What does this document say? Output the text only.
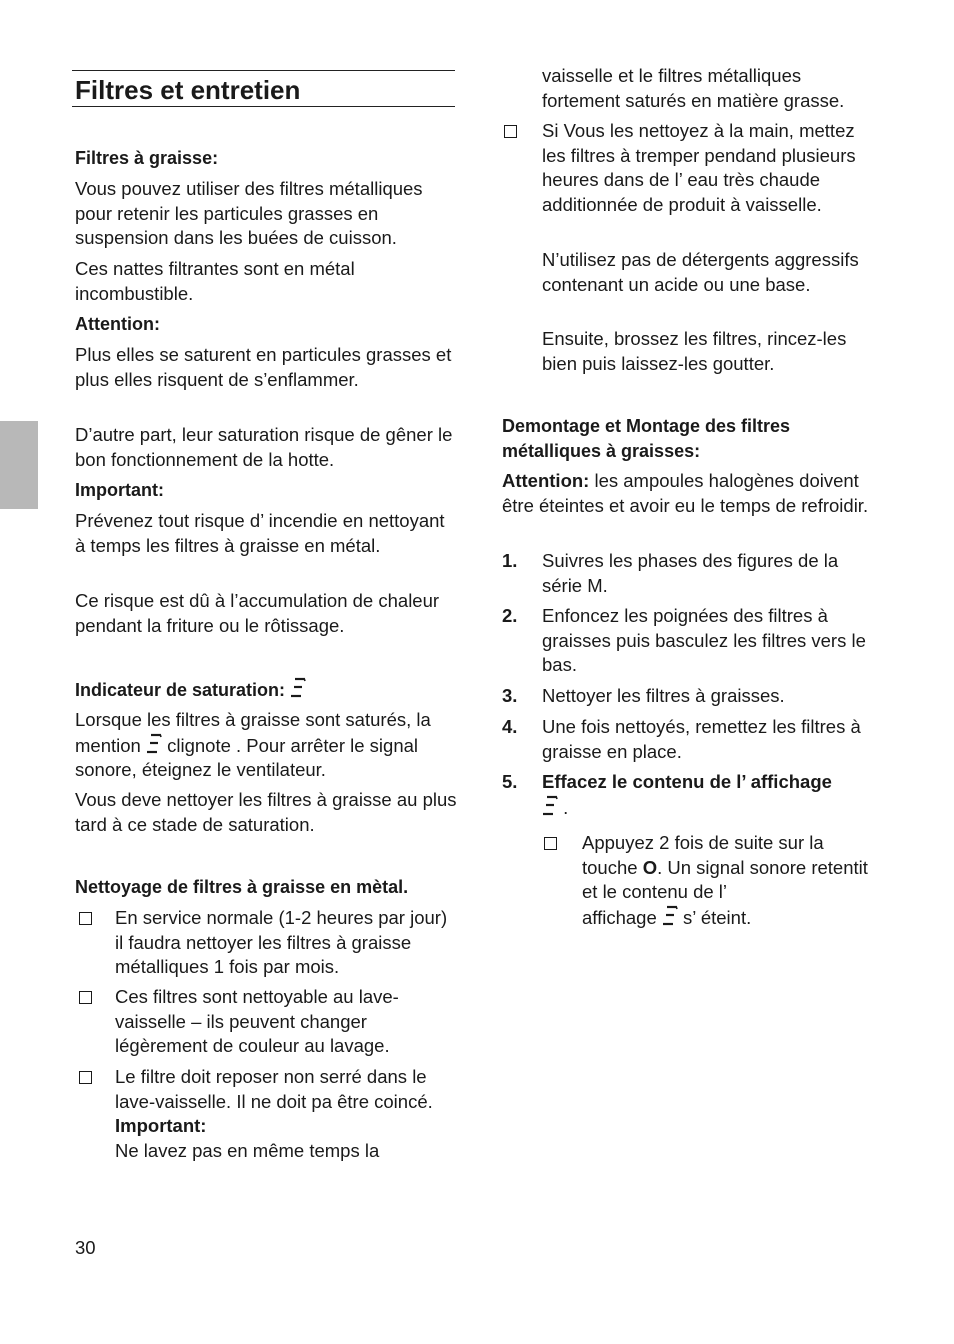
Filtres et entretien

Filtres à graisse:

Vous pouvez utiliser des filtres métalliques pour retenir les particules grasses en suspension dans les buées de cuisson.

Ces nattes filtrantes sont en métal incombustible.

Attention:

Plus elles se saturent en particules grasses et plus elles risquent de s’enflammer.

D’autre part, leur saturation risque de gêner le bon fonctionnement de la hotte.

Important:

Prévenez tout risque d’ incendie en nettoyant à temps les filtres à graisse en métal.

Ce risque est dû à l’accumulation de chaleur pendant la friture ou le rôtissage.

Indicateur de saturation:

Lorsque les filtres à graisse sont saturés, la mention clignote . Pour arrêter le signal sonore, éteignez le ventilateur.

Vous deve nettoyer les filtres à graisse au plus tard à ce stade de saturation.

Nettoyage de filtres à graisse en mètal.

En service normale (1-2 heures par jour) il faudra nettoyer les filtres à graisse métalliques 1 fois par mois.

Ces filtres sont nettoyable au lave-vaisselle – ils peuvent changer légèrement de couleur au lavage.

Le filtre doit reposer non serré dans le lave-vaisselle. Il ne doit pa être coincé.
Important:
Ne lavez pas en même temps la

vaisselle et le filtres métalliques fortement saturés en matière grasse.

Si Vous les nettoyez à la main, mettez les filtres à tremper pendand plusieurs heures dans de l’ eau très chaude additionnée de produit à vaisselle.

N’utilisez pas de détergents aggressifs contenant un acide ou une base.

Ensuite, brossez les filtres, rincez-les bien puis laissez-les goutter.

Demontage et Montage des filtres métalliques à graisses:

Attention: les ampoules halogènes doivent être éteintes et avoir eu le temps de refroidir.

1. Suivres les phases des figures de la série M.

2. Enfoncez les poignées des filtres à graisses puis basculez les filtres vers le bas.

3. Nettoyer les filtres à graisses.

4. Une fois nettoyés, remettez les filtres à graisse en place.

5. Effacez le contenu de l’ affichage
.

Appuyez 2 fois de suite sur la touche O. Un signal sonore retentit et le contenu de l’
affichage s’ éteint.

30
